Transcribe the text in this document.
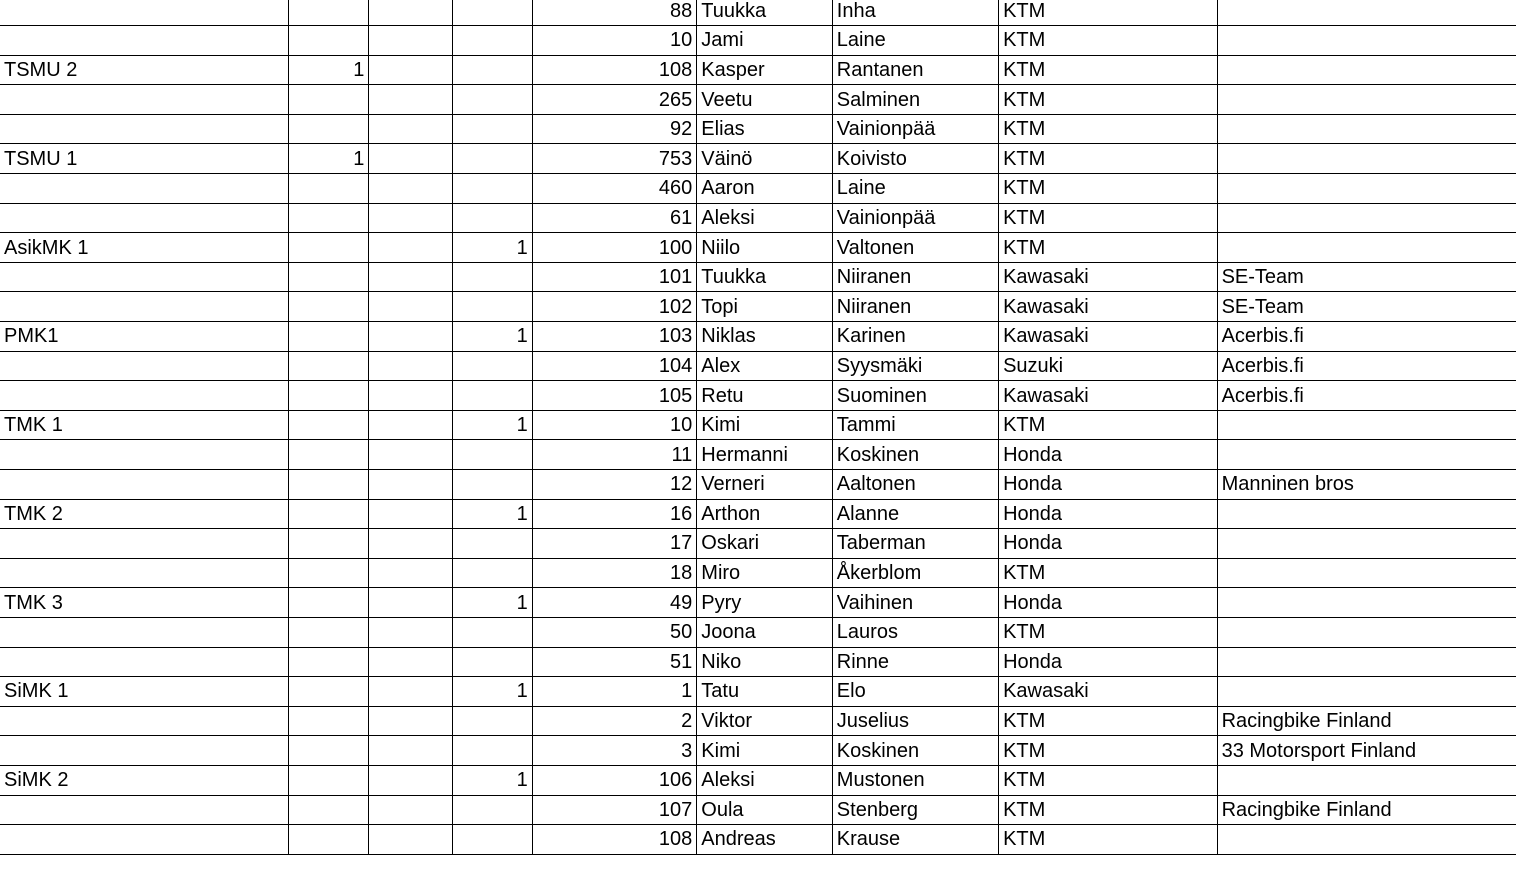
				88	Tuukka	Inha	KTM	
				10	Jami	Laine	KTM	
TSMU 2	1			108	Kasper	Rantanen	KTM	
				265	Veetu	Salminen	KTM	
				92	Elias	Vainionpää	KTM	
TSMU 1	1			753	Väinö	Koivisto	KTM	
				460	Aaron	Laine	KTM	
				61	Aleksi	Vainionpää	KTM	
AsikMK 1			1	100	Niilo	Valtonen	KTM	
				101	Tuukka	Niiranen	Kawasaki	SE-Team
				102	Topi	Niiranen	Kawasaki	SE-Team
PMK1			1	103	Niklas	Karinen	Kawasaki	Acerbis.fi
				104	Alex	Syysmäki	Suzuki	Acerbis.fi
				105	Retu	Suominen	Kawasaki	Acerbis.fi
TMK 1			1	10	Kimi	Tammi	KTM	
				11	Hermanni	Koskinen	Honda	
				12	Verneri	Aaltonen	Honda	Manninen bros
TMK 2			1	16	Arthon	Alanne	Honda	
				17	Oskari	Taberman	Honda	
				18	Miro	Åkerblom	KTM	
TMK 3			1	49	Pyry	Vaihinen	Honda	
				50	Joona	Lauros	KTM	
				51	Niko	Rinne	Honda	
SiMK 1			1	1	Tatu	Elo	Kawasaki	
				2	Viktor	Juselius	KTM	Racingbike Finland
				3	Kimi	Koskinen	KTM	33 Motorsport Finland
SiMK 2			1	106	Aleksi	Mustonen	KTM	
				107	Oula	Stenberg	KTM	Racingbike Finland
				108	Andreas	Krause	KTM	
